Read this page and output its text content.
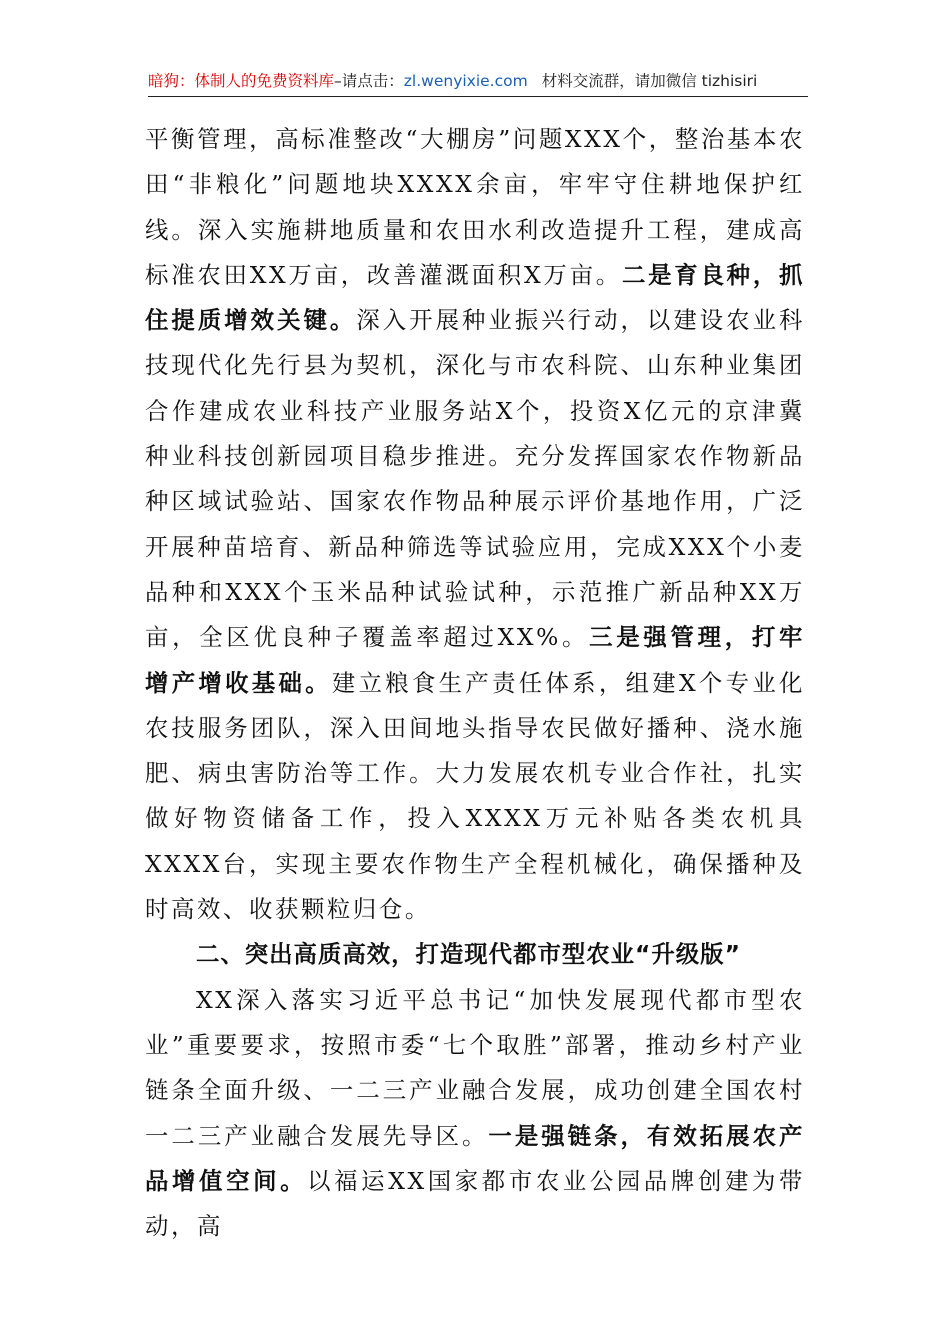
暗狗：体制人的免费资料库–请点击：zl.wenyixie.com 材料交流群，请加微信 tizhisiri

平衡管理，高标准整改“大棚房”问题XXX个，整治基本农田“非粮化”问题地块XXXX余亩，牢牢守住耕地保护红线。深入实施耕地质量和农田水利改造提升工程，建成高标准农田XX万亩，改善灌溉面积X万亩。二是育良种，抓住提质增效关键。深入开展种业振兴行动，以建设农业科技现代化先行县为契机，深化与市农科院、山东种业集团合作建成农业科技产业服务站X个，投资X亿元的京津冀种业科技创新园项目稳步推进。充分发挥国家农作物新品种区域试验站、国家农作物品种展示评价基地作用，广泛开展种苗培育、新品种筛选等试验应用，完成XXX个小麦品种和XXX个玉米品种试验试种，示范推广新品种XX万亩，全区优良种子覆盖率超过XX%。三是强管理，打牢增产增收基础。建立粮食生产责任体系，组建X个专业化农技服务团队，深入田间地头指导农民做好播种、浇水施肥、病虫害防治等工作。大力发展农机专业合作社，扎实做好物资储备工作，投入XXXX万元补贴各类农机具XXXX台，实现主要农作物生产全程机械化，确保播种及时高效、收获颗粒归仓。

二、突出高质高效，打造现代都市型农业“升级版”

XX深入落实习近平总书记“加快发展现代都市型农业”重要要求，按照市委“七个取胜”部署，推动乡村产业链条全面升级、一二三产业融合发展，成功创建全国农村一二三产业融合发展先导区。一是强链条，有效拓展农产品增值空间。以福运XX国家都市农业公园品牌创建为带动，高
